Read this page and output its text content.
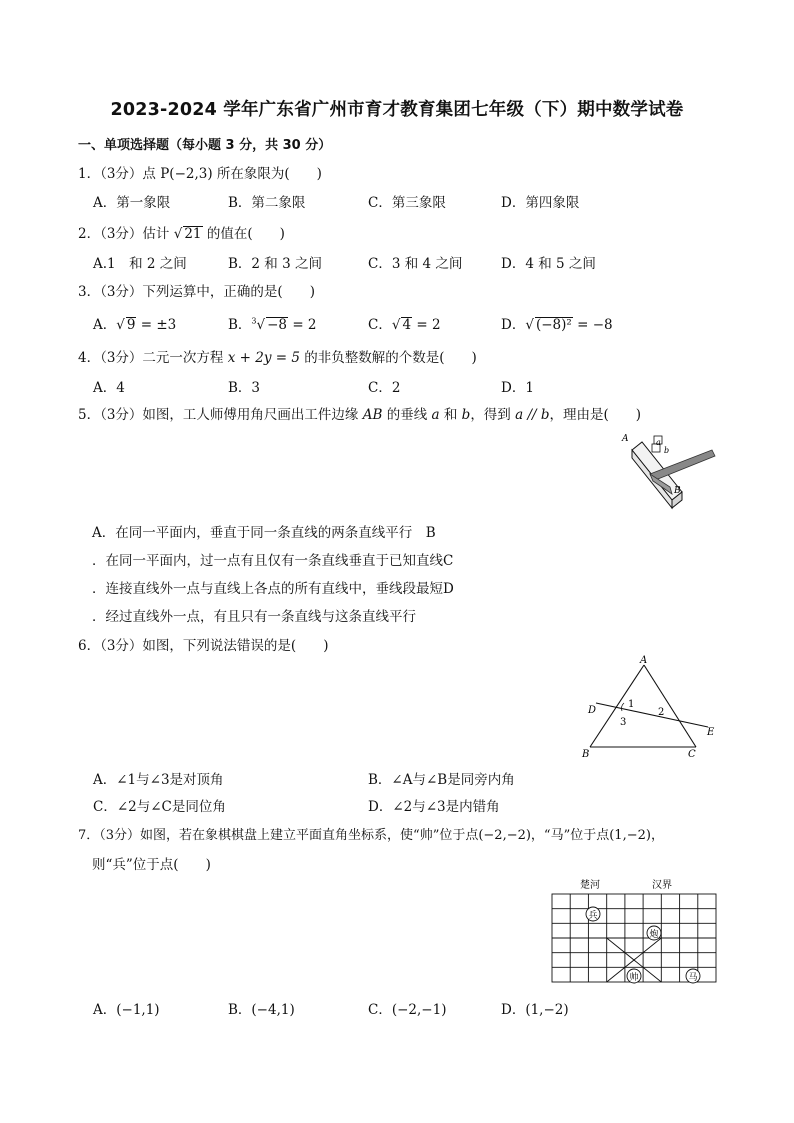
2023-2024 学年广东省广州市育才教育集团七年级（下）期中数学试卷
一、单项选择题（每小题 3 分，共 30 分）
1．（3分）点 P(−2,3) 所在象限为(　　)
A．第一象限	B．第二象限	C．第三象限	D．第四象限
2．（3分）估计 √ 21 的值在(　　)
A.1　和 2 之间	B．2 和 3 之间	C．3 和 4 之间	D．4 和 5 之间
3．（3分）下列运算中，正确的是(　　)
A．√ 9 = ±3	B．$^3$√ −8 = 2	C．√ 4 = 2	D．√ (−8)² = −8
4．（3分）二元一次方程 x + 2y = 5 的非负整数解的个数是(　　)
A．4	B．3	C．2	D．1
5．（3分）如图，工人师傅用角尺画出工件边缘 AB 的垂线 a 和 b，得到 a // b，理由是(　　)
A	a
b
B
A．在同一平面内，垂直于同一条直线的两条直线平行　B
．在同一平面内，过一点有且仅有一条直线垂直于已知直线C
．连接直线外一点与直线上各点的所有直线中，垂线段最短D
．经过直线外一点，有且只有一条直线与这条直线平行
6．（3分）如图，下列说法错误的是(　　)
A
B	C
D
E
1
2
3
A．∠1与∠3是对顶角	B．∠A与∠B是同旁内角
C．∠2与∠C是同位角	D．∠2与∠3是内错角
7．（3分）如图，若在象棋棋盘上建立平面直角坐标系，使“帅”位于点(−2,−2)，“马”位于点(1,−2)，
则“兵”位于点(　　)
楚河	汉界
兵
炮
帅	马
A．(−1,1)	B．(−4,1)	C．(−2,−1)	D．(1,−2)
